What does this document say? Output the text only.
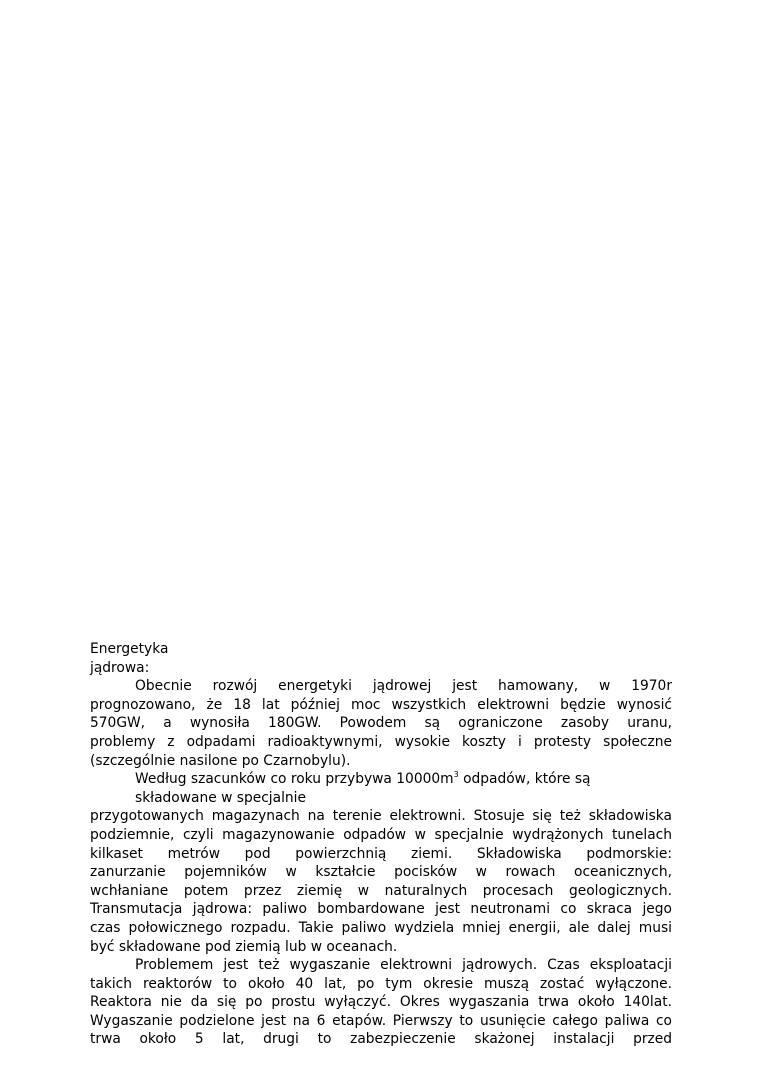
Energetyka
jądrowa:
Obecnie rozwój energetyki jądrowej jest hamowany, w 1970r
prognozowano, że 18 lat później moc wszystkich elektrowni będzie wynosić
570GW, a wynosiła 180GW. Powodem są ograniczone zasoby uranu,
problemy z odpadami radioaktywnymi, wysokie koszty i protesty społeczne
(szczególnie nasilone po Czarnobylu).
Według szacunków co roku przybywa $10000m^3$ odpadów, które są
składowane w specjalnie
przygotowanych magazynach na terenie elektrowni. Stosuje się też składowiska
podziemnie, czyli magazynowanie odpadów w specjalnie wydrążonych tunelach
kilkaset metrów pod powierzchnią ziemi. Składowiska podmorskie:
zanurzanie pojemników w kształcie pocisków w rowach oceanicznych,
wchłaniane potem przez ziemię w naturalnych procesach geologicznych.
Transmutacja jądrowa: paliwo bombardowane jest neutronami co skraca jego
czas połowicznego rozpadu. Takie paliwo wydziela mniej energii, ale dalej musi
być składowane pod ziemią lub w oceanach.
Problemem jest też wygaszanie elektrowni jądrowych. Czas eksploatacji
takich reaktorów to około 40 lat, po tym okresie muszą zostać wyłączone.
Reaktora nie da się po prostu wyłączyć. Okres wygaszania trwa około 140lat.
Wygaszanie podzielone jest na 6 etapów. Pierwszy to usunięcie całego paliwa co
trwa około 5 lat, drugi to zabezpieczenie skażonej instalacji przed
